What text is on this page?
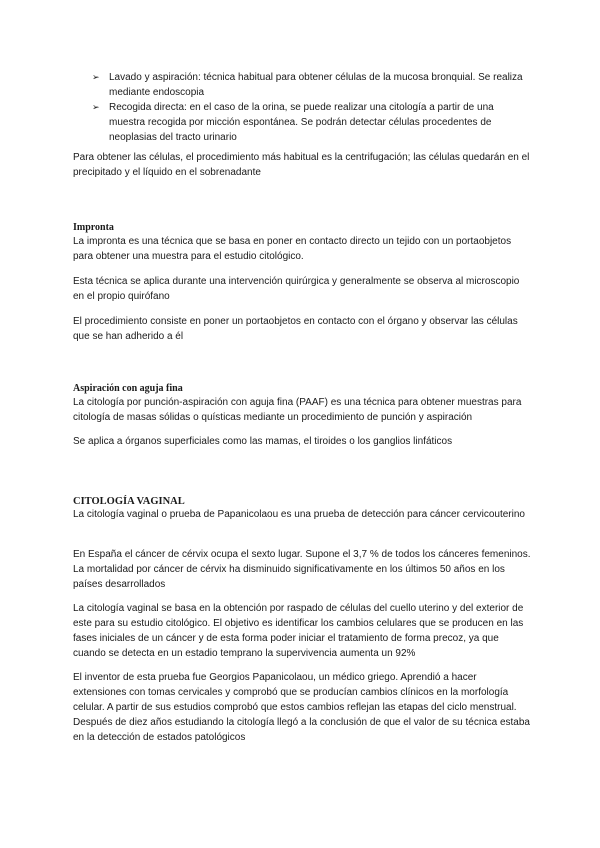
➢ Lavado y aspiración: técnica habitual para obtener células de la mucosa bronquial. Se realiza mediante endoscopia
➢ Recogida directa: en el caso de la orina, se puede realizar una citología a partir de una muestra recogida por micción espontánea. Se podrán detectar células procedentes de neoplasias del tracto urinario

Para obtener las células, el procedimiento más habitual es la centrifugación; las células quedarán en el precipitado y el líquido en el sobrenadante

Impronta

La impronta es una técnica que se basa en poner en contacto directo un tejido con un portaobjetos para obtener una muestra para el estudio citológico.

Esta técnica se aplica durante una intervención quirúrgica y generalmente se observa al microscopio en el propio quirófano

El procedimiento consiste en poner un portaobjetos en contacto con el órgano y observar las células que se han adherido a él

Aspiración con aguja fina

La citología por punción-aspiración con aguja fina (PAAF) es una técnica para obtener muestras para citología de masas sólidas o quísticas mediante un procedimiento de punción y aspiración

Se aplica a órganos superficiales como las mamas, el tiroides o los ganglios linfáticos

CITOLOGÍA VAGINAL

La citología vaginal o prueba de Papanicolaou es una prueba de detección para cáncer cervicouterino

En España el cáncer de cérvix ocupa el sexto lugar. Supone el 3,7 % de todos los cánceres femeninos. La mortalidad por cáncer de cérvix ha disminuido significativamente en los últimos 50 años en los países desarrollados

La citología vaginal se basa en la obtención por raspado de células del cuello uterino y del exterior de este para su estudio citológico. El objetivo es identificar los cambios celulares que se producen en las fases iniciales de un cáncer y de esta forma poder iniciar el tratamiento de forma precoz, ya que cuando se detecta en un estadio temprano la supervivencia aumenta un 92%

El inventor de esta prueba fue Georgios Papanicolaou, un médico griego. Aprendió a hacer extensiones con tomas cervicales y comprobó que se producían cambios clínicos en la morfología celular. A partir de sus estudios comprobó que estos cambios reflejan las etapas del ciclo menstrual. Después de diez años estudiando la citología llegó a la conclusión de que el valor de su técnica estaba en la detección de estados patológicos
